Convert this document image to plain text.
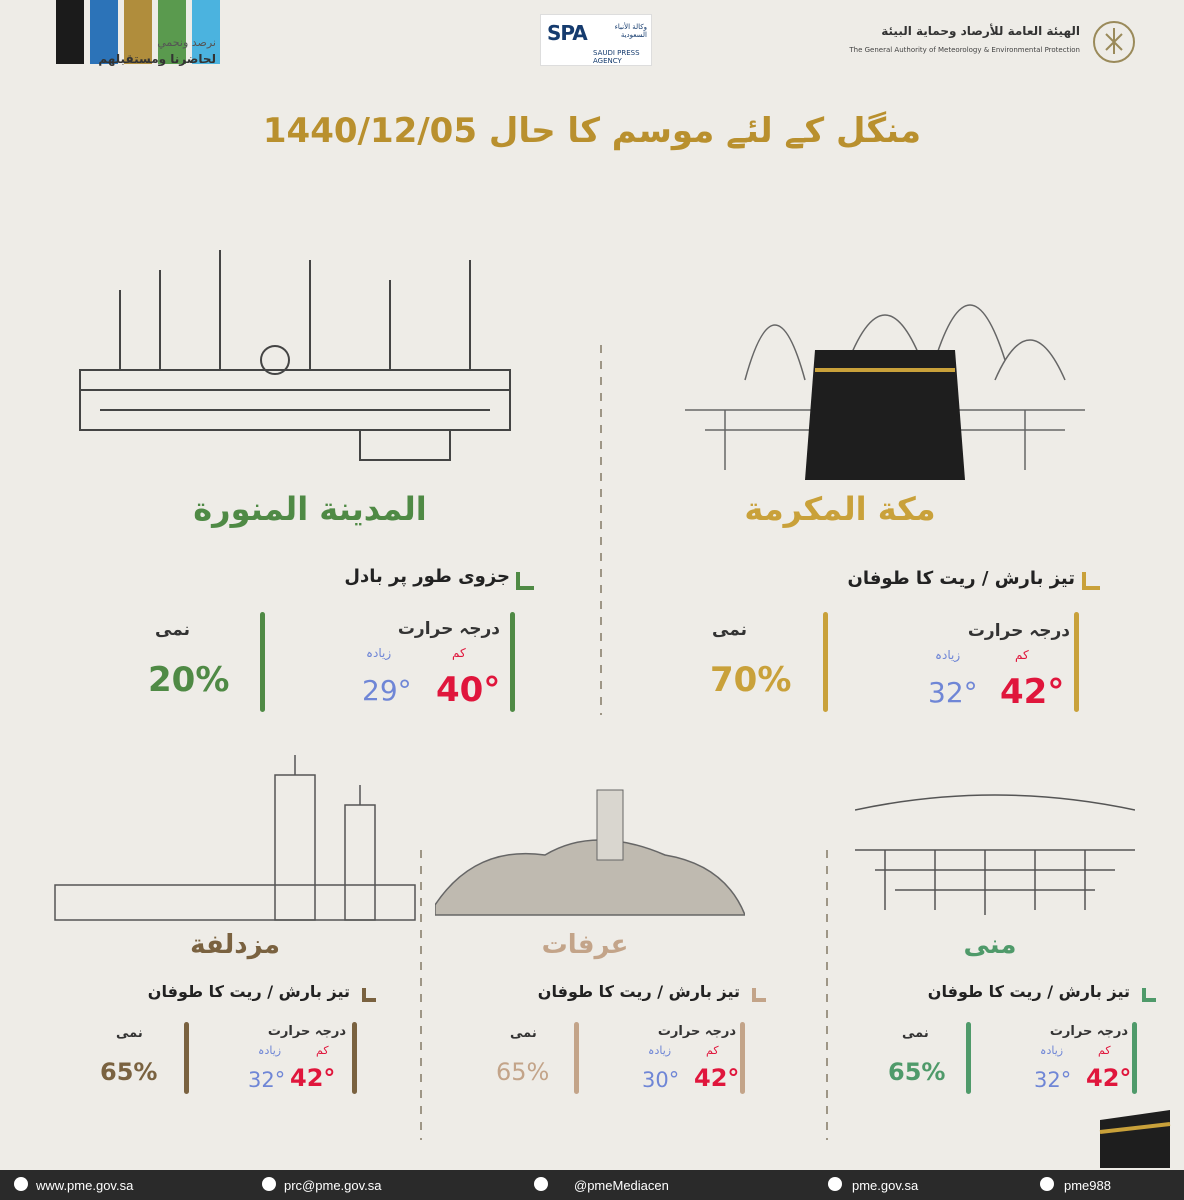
نرصد ونحمي
لحاضرنا ومستقبلهم
SPA	وكالة الأنباء السعودية
SAUDI PRESS AGENCY
الهيئة العامة للأرصاد وحماية البيئة
The General Authority of Meteorology & Environmental Protection
منگل کے لئے موسم کا حال 1440/12/05
مكة المكرمة
تیز بارش / ریت کا طوفان
درجہ حرارت
کم
زیادہ
42°
32°
نمی
70%
المدينة المنورة
جزوی طور پر بادل
درجہ حرارت
کم
زیادہ
40°
29°
نمی
20%
منى
تیز بارش / ریت کا طوفان
درجہ حرارت
کم
زیادہ
42°
32°
نمی
65%
عرفات
تیز بارش / ریت کا طوفان
درجہ حرارت
کم
زیادہ
42°
30°
نمی
65%
مزدلفة
تیز بارش / ریت کا طوفان
درجہ حرارت
کم
زیادہ
42°
32°
نمی
65%
www.pme.gov.sa	prc@pme.gov.sa	@pmeMediacen	pme.gov.sa	pme988
